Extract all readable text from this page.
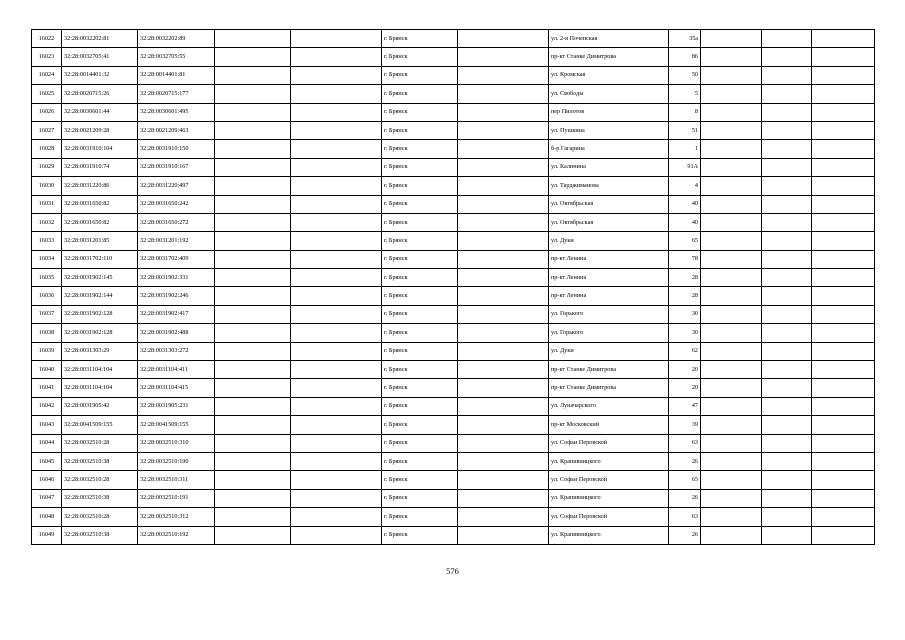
16022	32:28:0032202:81	32:28:0032202:89			г. Брянск		ул. 2-я Почепская	35а			
16023	32:28:0032705:41	32:28:0032705:55			г. Брянск		пр-кт Станке Димитрова	86			
16024	32:28:0014401:32	32:28:0014401:81			г. Брянск		ул. Кромская	50			
16025	32:28:0020715:26	32:28:0020715:177			г. Брянск		ул. Свободы	5			
16026	32:28:0030601:44	32:28:0030601:495			г. Брянск		пер Пилотов	8			
16027	32:28:0021209:28	32:28:0021209:463			г. Брянск		ул. Пушкина	51			
16028	32:28:0031910:104	32:28:0031910:150			г. Брянск		б-р Гагарина	1			
16029	32:28:0031910:74	32:28:0031910:167			г. Брянск		ул. Калинина	91А			
16030	32:28:0031220:86	32:28:0031220:497			г. Брянск		ул. Тарджиманова	4			
16031	32:28:0031650:82	32:28:0031650:242			г. Брянск		ул. Октябрьская	40			
16032	32:28:0031650:82	32:28:0031650:272			г. Брянск		ул. Октябрьская	40			
16033	32:28:0031201:85	32:28:0031201:192			г. Брянск		ул. Дуки	65			
16034	32:28:0031702:110	32:28:0031702:409			г. Брянск		пр-кт Ленина	78			
16035	32:28:0031902:145	32:28:0031902:331			г. Брянск		пр-кт Ленина	28			
16036	32:28:0031902:144	32:28:0031902:246			г. Брянск		пр-кт Ленина	28			
16037	32:28:0031902:128	32:28:0031902:417			г. Брянск		ул. Горького	30			
16038	32:28:0031902:128	32:28:0031902:488			г. Брянск		ул. Горького	30			
16039	32:28:0031303:29	32:28:0031303:272			г. Брянск		ул. Дуки	62			
16040	32:28:0031104:104	32:28:0031104:411			г. Брянск		пр-кт Станке Димитрова	20			
16041	32:28:0031104:104	32:28:0031104:415			г. Брянск		пр-кт Станке Димитрова	20			
16042	32:28:0031905:42	32:28:0031905:231			г. Брянск		ул. Луначарского	47			
16043	32:28:0041509:155	32:28:0041509:155			г. Брянск		пр-кт Московский	39			
16044	32:28:0032510:28	32:28:0032510:310			г. Брянск		ул. Софьи Перовской	63			
16045	32:28:0032510:38	32:28:0032510:190			г. Брянск		ул. Крапивницкого	26			
16046	32:28:0032510:28	32:28:0032510:311			г. Брянск		ул. Софьи Перовской	65			
16047	32:28:0032510:38	32:28:0032510:191			г. Брянск		ул. Крапивницкого	26			
16048	32:28:0032510:28	32:28:0032510:312			г. Брянск		ул. Софьи Перовской	63			
16049	32:28:0032510:38	32:28:0032510:192			г. Брянск		ул. Крапивницкого	26			
576
